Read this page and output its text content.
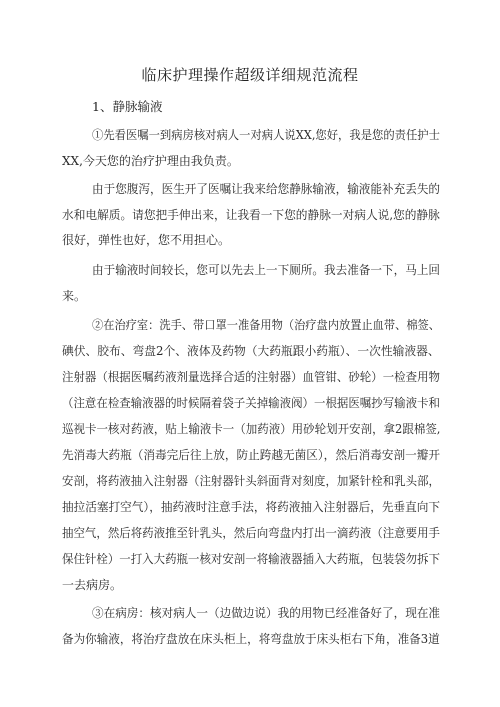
临床护理操作超级详细规范流程
1、静脉输液
①先看医嘱一到病房核对病人一对病人说XX,您好，我是您的责任护士
XX,今天您的治疗护理由我负责。
由于您腹泻，医生开了医嘱让我来给您静脉输液，输液能补充丢失的
水和电解质。请您把手伸出来，让我看一下您的静脉一对病人说,您的静脉
很好，弹性也好，您不用担心。
由于输液时间较长，您可以先去上一下厕所。我去准备一下，马上回
来。
②在治疗室：洗手、带口罩一准备用物（治疗盘内放置止血带、棉签、
碘伏、胶布、弯盘2个、液体及药物（大药瓶跟小药瓶）、一次性输液器、
注射器（根据医嘱药液剂量选择合适的注射器）血管钳、砂轮）一检查用物
（注意在检查输液器的时候隔着袋子关掉输液阀）一根据医嘱抄写输液卡和
巡视卡一核对药液，贴上输液卡一（加药液）用砂轮划开安剖，拿2跟棉签,
先消毒大药瓶（消毒完后往上放，防止跨越无菌区），然后消毒安剖一瓣开
安剖，将药液抽入注射器（注射器针头斜面背对刻度，加紧针栓和乳头部，
抽拉活塞打空气），抽药液时注意手法，将药液抽入注射器后，先垂直向下
抽空气，然后将药液推至针乳头，然后向弯盘内打出一滴药液（注意要用手
保住针栓）一打入大药瓶一核对安剖一将输液器插入大药瓶，包装袋勿拆下
一去病房。
③在病房：核对病人一（边做边说）我的用物已经准备好了，现在准
备为你输液，将治疗盘放在床头柜上，将弯盘放于床头柜右下角，准备3道
